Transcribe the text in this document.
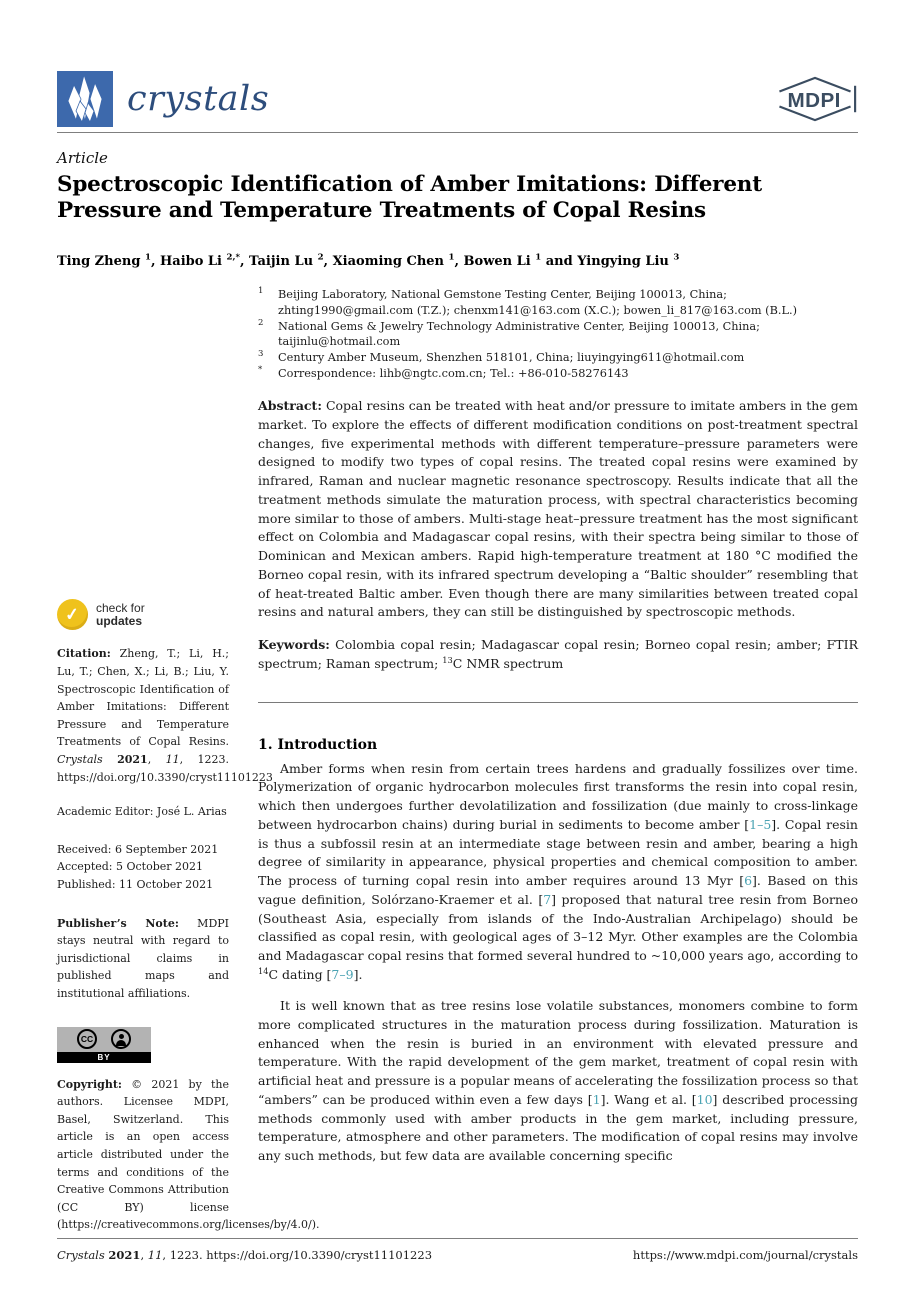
crystals	MDPI
Article
Spectroscopic Identification of Amber Imitations: Different Pressure and Temperature Treatments of Copal Resins
Ting Zheng $^1$, Haibo Li $^{2,*}$, Taijin Lu $^2$, Xiaoming Chen $^1$, Bowen Li $^1$ and Yingying Liu $^3$
✓ check for
updates
Citation: Zheng, T.; Li, H.; Lu, T.; Chen, X.; Li, B.; Liu, Y. Spectroscopic Identification of Amber Imitations: Different Pressure and Temperature Treatments of Copal Resins. Crystals 2021, 11, 1223. https://doi.org/10.3390/cryst11101223
Academic Editor: José L. Arias
Received: 6 September 2021
Accepted: 5 October 2021
Published: 11 October 2021
Publisher’s Note: MDPI stays neutral with regard to jurisdictional claims in published maps and institutional affiliations.
CC
BY
Copyright: © 2021 by the authors. Licensee MDPI, Basel, Switzerland. This article is an open access article distributed under the terms and conditions of the Creative Commons Attribution (CC BY) license (https://creativecommons.org/licenses/by/4.0/).
1	Beijing Laboratory, National Gemstone Testing Center, Beijing 100013, China; zhting1990@gmail.com (T.Z.); chenxm141@163.com (X.C.); bowen_li_817@163.com (B.L.)
2	National Gems & Jewelry Technology Administrative Center, Beijing 100013, China; taijinlu@hotmail.com
3	Century Amber Museum, Shenzhen 518101, China; liuyingying611@hotmail.com
*	Correspondence: lihb@ngtc.com.cn; Tel.: +86-010-58276143
Abstract: Copal resins can be treated with heat and/or pressure to imitate ambers in the gem market. To explore the effects of different modification conditions on post-treatment spectral changes, five experimental methods with different temperature–pressure parameters were designed to modify two types of copal resins. The treated copal resins were examined by infrared, Raman and nuclear magnetic resonance spectroscopy. Results indicate that all the treatment methods simulate the maturation process, with spectral characteristics becoming more similar to those of ambers. Multi-stage heat–pressure treatment has the most significant effect on Colombia and Madagascar copal resins, with their spectra being similar to those of Dominican and Mexican ambers. Rapid high-temperature treatment at 180 °C modified the Borneo copal resin, with its infrared spectrum developing a “Baltic shoulder” resembling that of heat-treated Baltic amber. Even though there are many similarities between treated copal resins and natural ambers, they can still be distinguished by spectroscopic methods.
Keywords: Colombia copal resin; Madagascar copal resin; Borneo copal resin; amber; FTIR spectrum; Raman spectrum; $^{13}$C NMR spectrum
1. Introduction

Amber forms when resin from certain trees hardens and gradually fossilizes over time. Polymerization of organic hydrocarbon molecules first transforms the resin into copal resin, which then undergoes further devolatilization and fossilization (due mainly to cross-linkage between hydrocarbon chains) during burial in sediments to become amber [1–5]. Copal resin is thus a subfossil resin at an intermediate stage between resin and amber, bearing a high degree of similarity in appearance, physical properties and chemical composition to amber. The process of turning copal resin into amber requires around 13 Myr [6]. Based on this vague definition, Solórzano-Kraemer et al. [7] proposed that natural tree resin from Borneo (Southeast Asia, especially from islands of the Indo-Australian Archipelago) should be classified as copal resin, with geological ages of 3–12 Myr. Other examples are the Colombia and Madagascar copal resins that formed several hundred to ~10,000 years ago, according to $^{14}$C dating [7–9].

It is well known that as tree resins lose volatile substances, monomers combine to form more complicated structures in the maturation process during fossilization. Maturation is enhanced when the resin is buried in an environment with elevated pressure and temperature. With the rapid development of the gem market, treatment of copal resin with artificial heat and pressure is a popular means of accelerating the fossilization process so that “ambers” can be produced within even a few days [1]. Wang et al. [10] described processing methods commonly used with amber products in the gem market, including pressure, temperature, atmosphere and other parameters. The modification of copal resins may involve any such methods, but few data are available concerning specific

Crystals 2021, 11, 1223. https://doi.org/10.3390/cryst11101223	https://www.mdpi.com/journal/crystals
